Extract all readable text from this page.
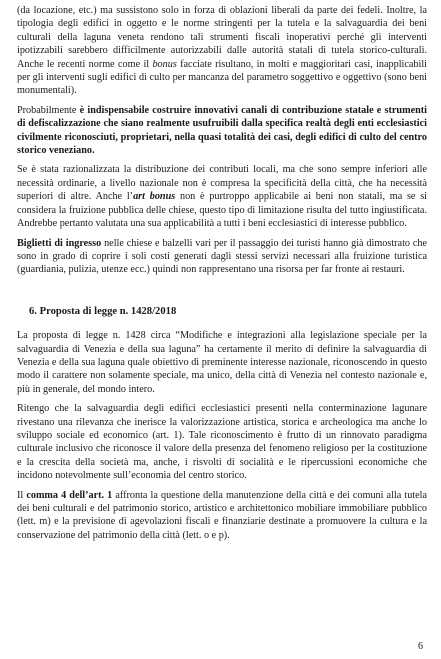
(da locazione, etc.) ma sussistono solo in forza di oblazioni liberali da parte dei fedeli. Inoltre, la tipologia degli edifici in oggetto e le norme stringenti per la tutela e la salvaguardia dei beni culturali della laguna veneta rendono tali strumenti fiscali inoperativi perché gli interventi ipotizzabili sarebbero difficilmente autorizzabili dalle autorità statali di tutela storico-culturali. Anche le recenti norme come il bonus facciate risultano, in molti e maggioritari casi, inapplicabili per gli interventi sugli edifici di culto per mancanza del parametro soggettivo e oggettivo (sono beni monumentali).

Probabilmente è indispensabile costruire innovativi canali di contribuzione statale e strumenti di defiscalizzazione che siano realmente usufruibili dalla specifica realtà degli enti ecclesiastici civilmente riconosciuti, proprietari, nella quasi totalità dei casi, degli edifici di culto del centro storico veneziano.

Se è stata razionalizzata la distribuzione dei contributi locali, ma che sono sempre inferiori alle necessità ordinarie, a livello nazionale non è compresa la specificità della città, che ha necessità superiori di altre. Anche l’art bonus non è purtroppo applicabile ai beni non statali, ma se si considera la fruizione pubblica delle chiese, questo tipo di limitazione risulta del tutto ingiustificata. Andrebbe pertanto valutata una sua applicabilità a tutti i beni ecclesiastici di interesse pubblico.

Biglietti di ingresso nelle chiese e balzelli vari per il passaggio dei turisti hanno già dimostrato che sono in grado di coprire i soli costi generati dagli stessi servizi necessari alla fruizione turistica (guardiania, pulizia, utenze ecc.) quindi non rappresentano una risorsa per far fronte ai restauri.

6. Proposta di legge n. 1428/2018

La proposta di legge n. 1428 circa “Modifiche e integrazioni alla legislazione speciale per la salvaguardia di Venezia e della sua laguna” ha certamente il merito di definire la salvaguardia di Venezia e della sua laguna quale obiettivo di preminente interesse nazionale, riconoscendo in questo modo il carattere non solamente speciale, ma unico, della città di Venezia nel contesto nazionale e, più in generale, del mondo intero.

Ritengo che la salvaguardia degli edifici ecclesiastici presenti nella conterminazione lagunare rivestano una rilevanza che inerisce la valorizzazione artistica, storica e archeologica ma anche lo sviluppo sociale ed economico (art. 1). Tale riconoscimento è frutto di un rinnovato paradigma culturale inclusivo che riconosce il valore della presenza del fenomeno religioso per la costituzione e la crescita della società ma, anche, i risvolti di socialità e le ripercussioni economiche che incidono notevolmente sull’economia del centro storico.

Il comma 4 dell’art. 1 affronta la questione della manutenzione della città e dei comuni alla tutela dei beni culturali e del patrimonio storico, artistico e architettonico mobiliare immobiliare pubblico (lett. m) e la previsione di agevolazioni fiscali e finanziarie destinate a promuovere la cultura e la conservazione del patrimonio della città (lett. o e p).

6
